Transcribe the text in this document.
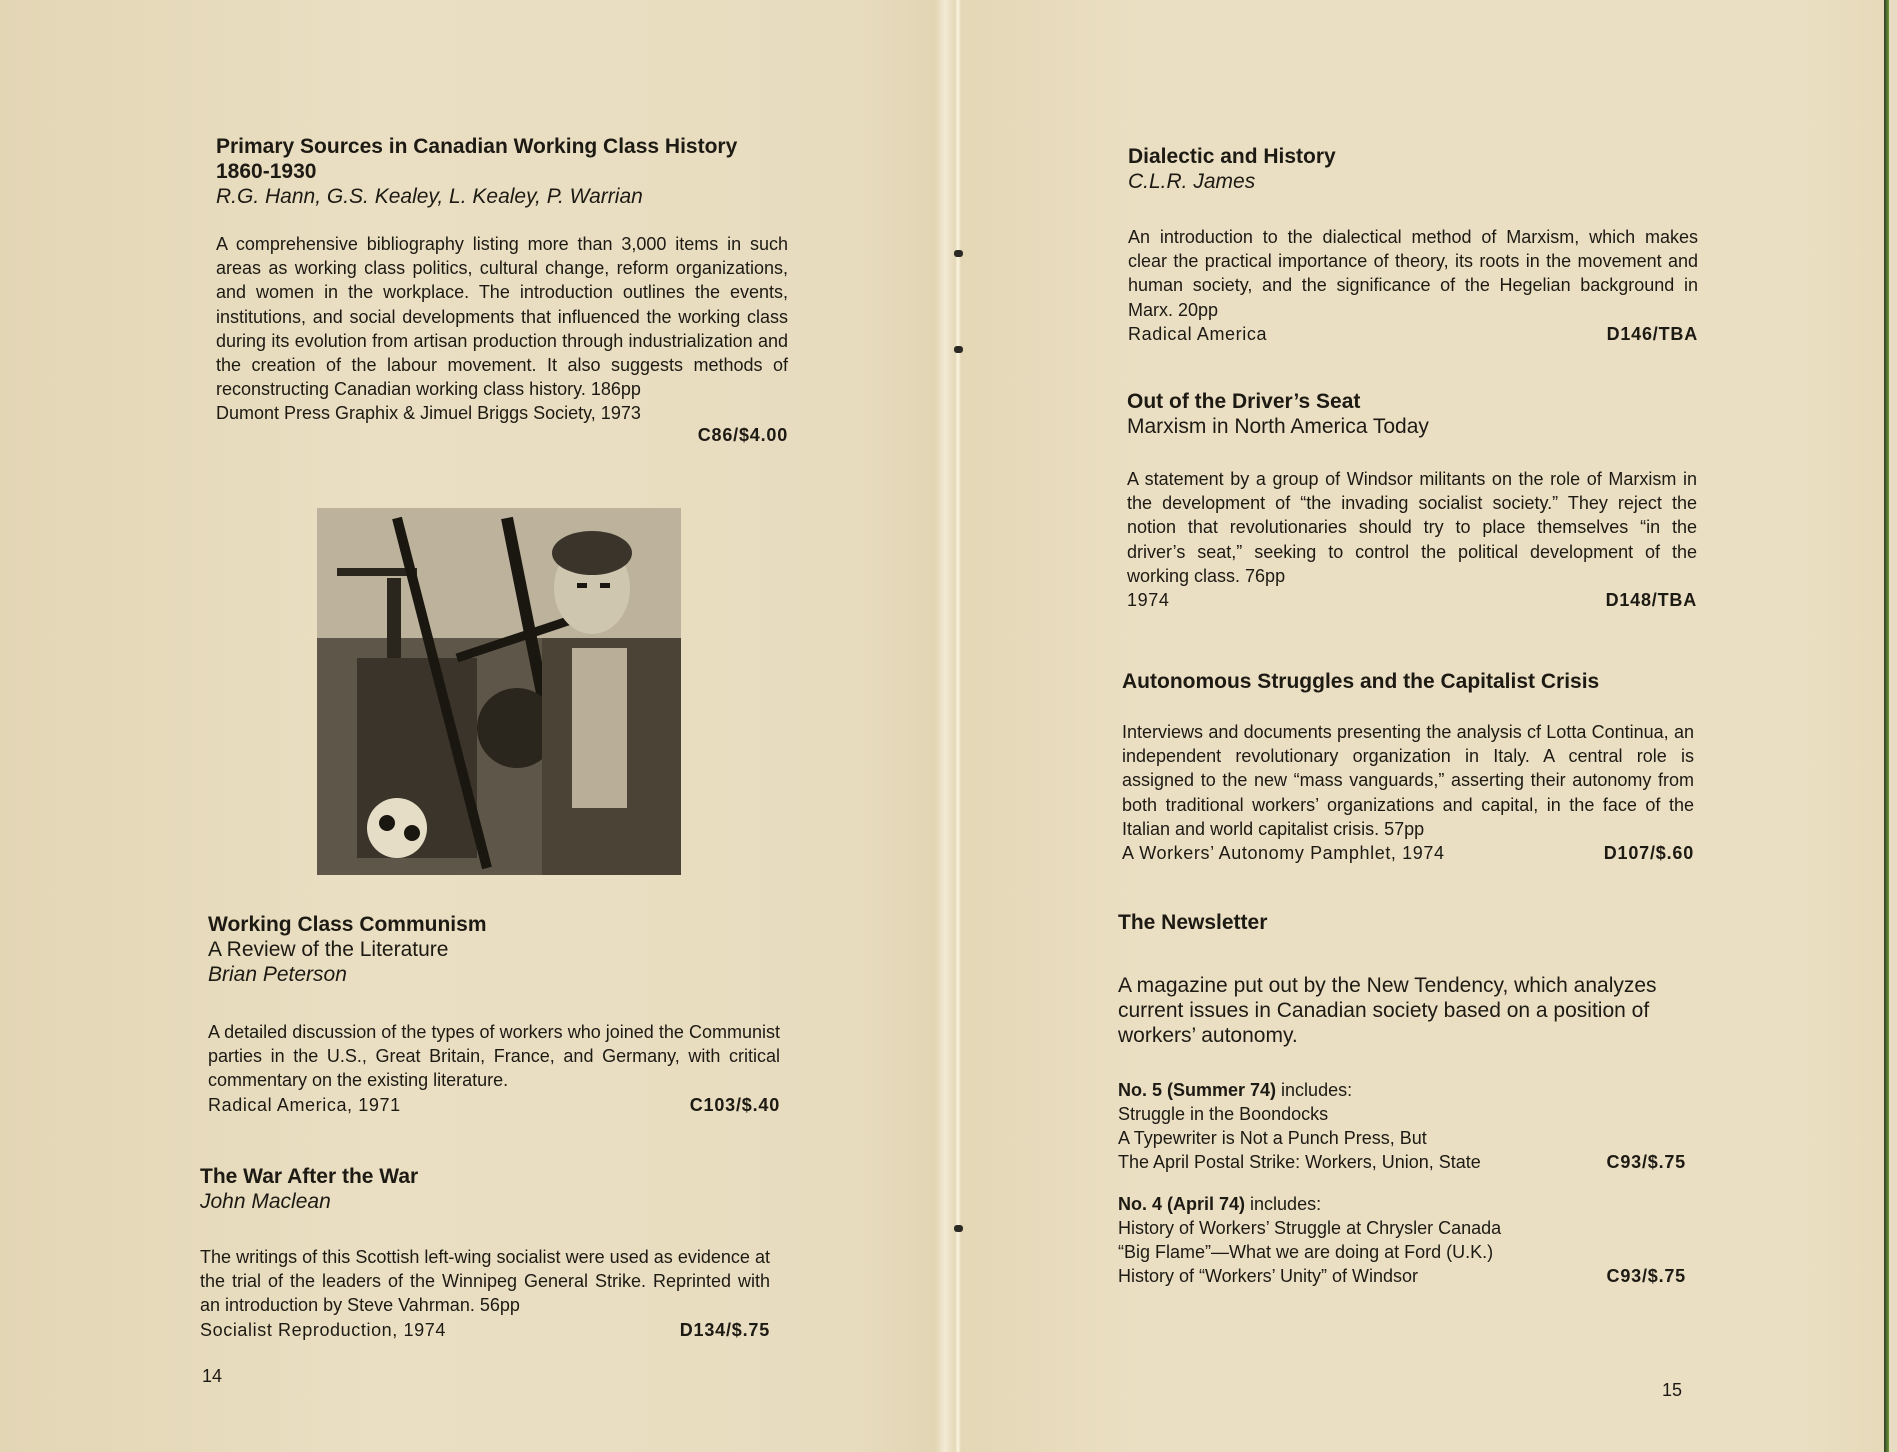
Primary Sources in Canadian Working Class History
1860-1930
R.G. Hann, G.S. Kealey, L. Kealey, P. Warrian
A comprehensive bibliography listing more than 3,000 items in such areas as working class politics, cultural change, reform organizations, and women in the workplace. The introduction outlines the events, institutions, and social developments that influenced the working class during its evolution from artisan production through industrialization and the creation of the labour movement. It also suggests methods of reconstructing Canadian working class history. 186pp
Dumont Press Graphix & Jimuel Briggs Society, 1973
C86/$4.00
Working Class Communism
A Review of the Literature
Brian Peterson
A detailed discussion of the types of workers who joined the Communist parties in the U.S., Great Britain, France, and Germany, with critical commentary on the existing literature.
Radical America, 1971	C103/$.40
The War After the War
John Maclean
The writings of this Scottish left-wing socialist were used as evidence at the trial of the leaders of the Winnipeg General Strike. Reprinted with an introduction by Steve Vahrman. 56pp
Socialist Reproduction, 1974	D134/$.75
14
Dialectic and History
C.L.R. James
An introduction to the dialectical method of Marxism, which makes clear the practical importance of theory, its roots in the movement and human society, and the significance of the Hegelian background in Marx. 20pp
Radical America	D146/TBA
Out of the Driver’s Seat
Marxism in North America Today
A statement by a group of Windsor militants on the role of Marxism in the development of “the invading socialist society.” They reject the notion that revolutionaries should try to place themselves “in the driver’s seat,” seeking to control the political development of the working class. 76pp
1974	D148/TBA
Autonomous Struggles and the Capitalist Crisis
Interviews and documents presenting the analysis cf Lotta Continua, an independent revolutionary organization in Italy. A central role is assigned to the new “mass vanguards,” asserting their autonomy from both traditional workers’ organizations and capital, in the face of the Italian and world capitalist crisis. 57pp
A Workers’ Autonomy Pamphlet, 1974	D107/$.60
The Newsletter
A magazine put out by the New Tendency, which analyzes current issues in Canadian society based on a position of workers’ autonomy.
No. 5 (Summer 74) includes:
Struggle in the Boondocks
A Typewriter is Not a Punch Press, But
The April Postal Strike: Workers, Union, State	C93/$.75
No. 4 (April 74) includes:
History of Workers’ Struggle at Chrysler Canada
“Big Flame”—What we are doing at Ford (U.K.)
History of “Workers’ Unity” of Windsor	C93/$.75
15
